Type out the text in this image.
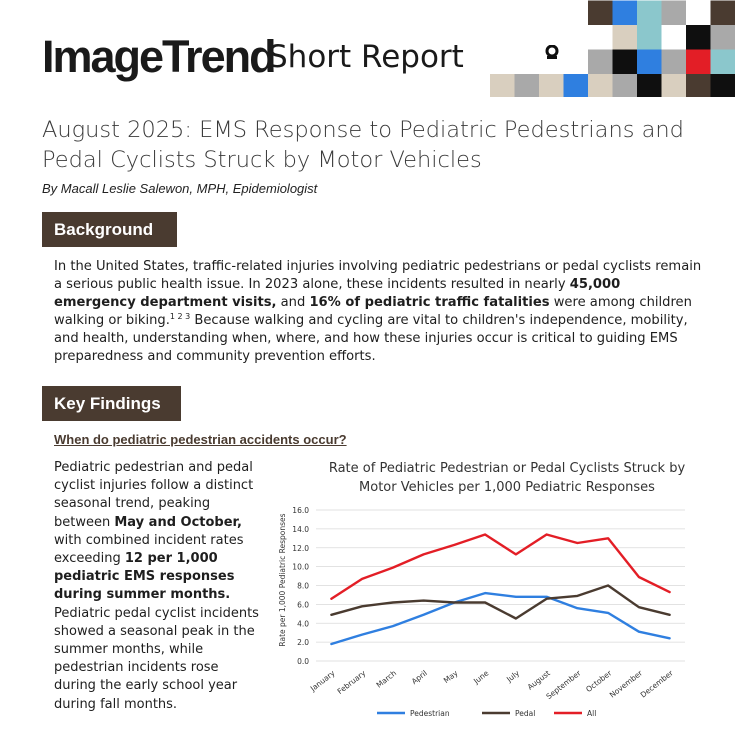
ImageTrend
Short Report
August 2025: EMS Response to Pediatric Pedestrians and Pedal Cyclists Struck by Motor Vehicles
By Macall Leslie Salewon, MPH, Epidemiologist
Background

In the United States, traffic-related injuries involving pediatric pedestrians or pedal cyclists remain a serious public health issue. In 2023 alone, these incidents resulted in nearly 45,000 emergency department visits, and 16% of pediatric traffic fatalities were among children walking or biking.$^{1 2 3}$ Because walking and cycling are vital to children's independence, mobility, and health, understanding when, where, and how these injuries occur is critical to guiding EMS preparedness and community prevention efforts.

Key Findings
When do pediatric pedestrian accidents occur?

Pediatric pedestrian and pedal cyclist injuries follow a distinct seasonal trend, peaking between May and October, with combined incident rates exceeding 12 per 1,000 pediatric EMS responses during summer months. Pediatric pedal cyclist incidents showed a seasonal peak in the summer months, while pedestrian incidents rose during the early school year during fall months.

Rate of Pediatric Pedestrian or Pedal Cyclists Struck by
Motor Vehicles per 1,000 Pediatric Responses
0.0
2.0
4.0
6.0
8.0
10.0
12.0
14.0
16.0
January February March April May June July August
September October
November
December
Pedestrian	Pedal	All
Rate per 1,000 Pediatric Responses
